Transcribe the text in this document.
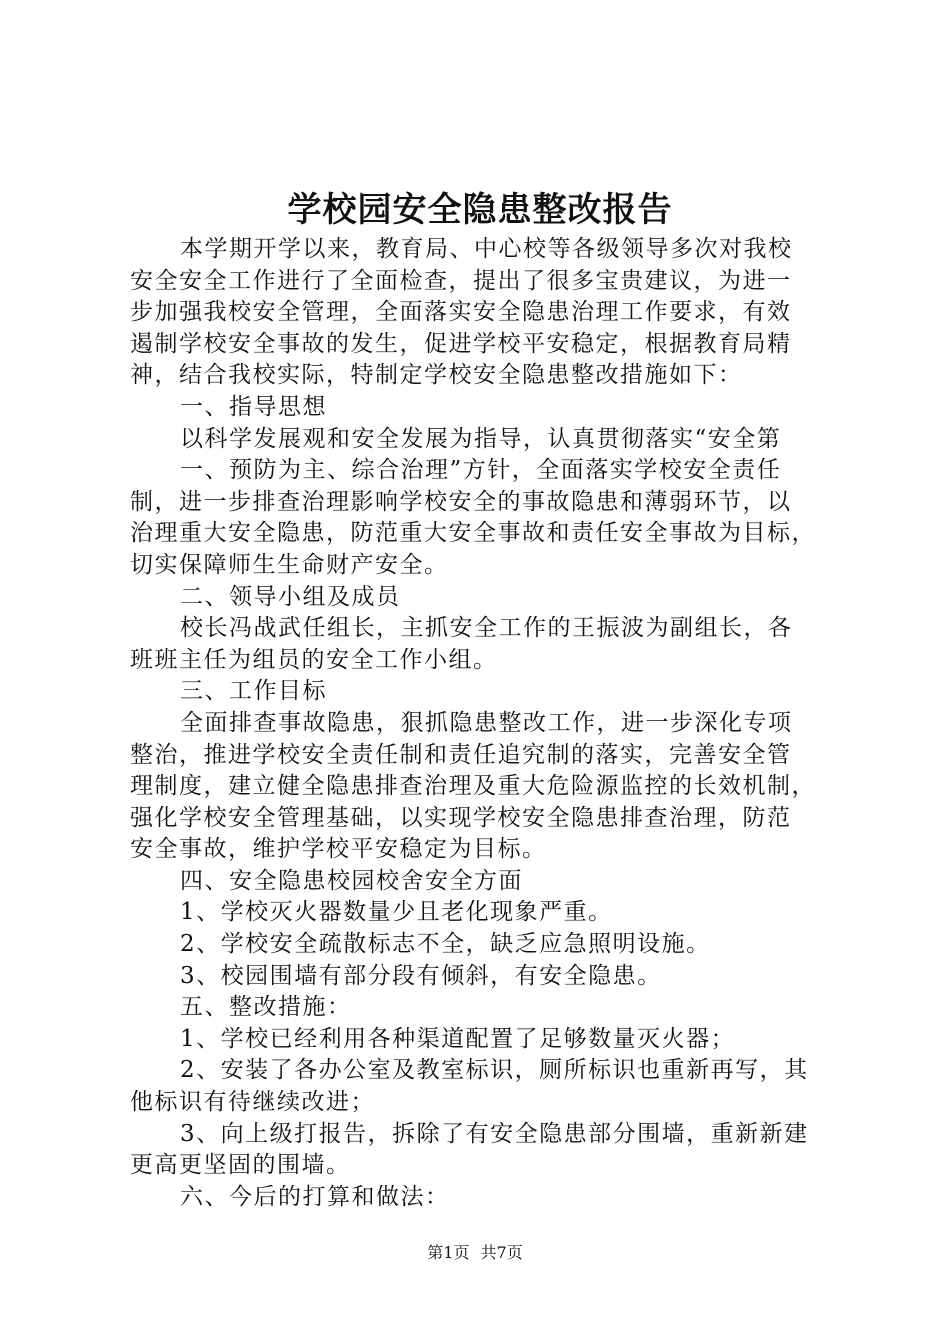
学校园安全隐患整改报告

本学期开学以来，教育局、中心校等各级领导多次对我校

安全安全工作进行了全面检查，提出了很多宝贵建议，为进一

步加强我校安全管理，全面落实安全隐患治理工作要求，有效

遏制学校安全事故的发生，促进学校平安稳定，根据教育局精

神，结合我校实际，特制定学校安全隐患整改措施如下：

一、指导思想

以科学发展观和安全发展为指导，认真贯彻落实“安全第

一、预防为主、综合治理”方针，全面落实学校安全责任

制，进一步排查治理影响学校安全的事故隐患和薄弱环节，以

治理重大安全隐患，防范重大安全事故和责任安全事故为目标，

切实保障师生生命财产安全。

二、领导小组及成员

校长冯战武任组长，主抓安全工作的王振波为副组长，各

班班主任为组员的安全工作小组。

三、工作目标

全面排查事故隐患，狠抓隐患整改工作，进一步深化专项

整治，推进学校安全责任制和责任追究制的落实，完善安全管

理制度，建立健全隐患排查治理及重大危险源监控的长效机制，

强化学校安全管理基础，以实现学校安全隐患排查治理，防范

安全事故，维护学校平安稳定为目标。

四、安全隐患校园校舍安全方面

1、学校灭火器数量少且老化现象严重。

2、学校安全疏散标志不全，缺乏应急照明设施。

3、校园围墙有部分段有倾斜，有安全隐患。

五、整改措施：

1、学校已经利用各种渠道配置了足够数量灭火器；

2、安装了各办公室及教室标识，厕所标识也重新再写，其

他标识有待继续改进；

3、向上级打报告，拆除了有安全隐患部分围墙，重新新建

更高更坚固的围墙。

六、今后的打算和做法：

第1页 共7页
